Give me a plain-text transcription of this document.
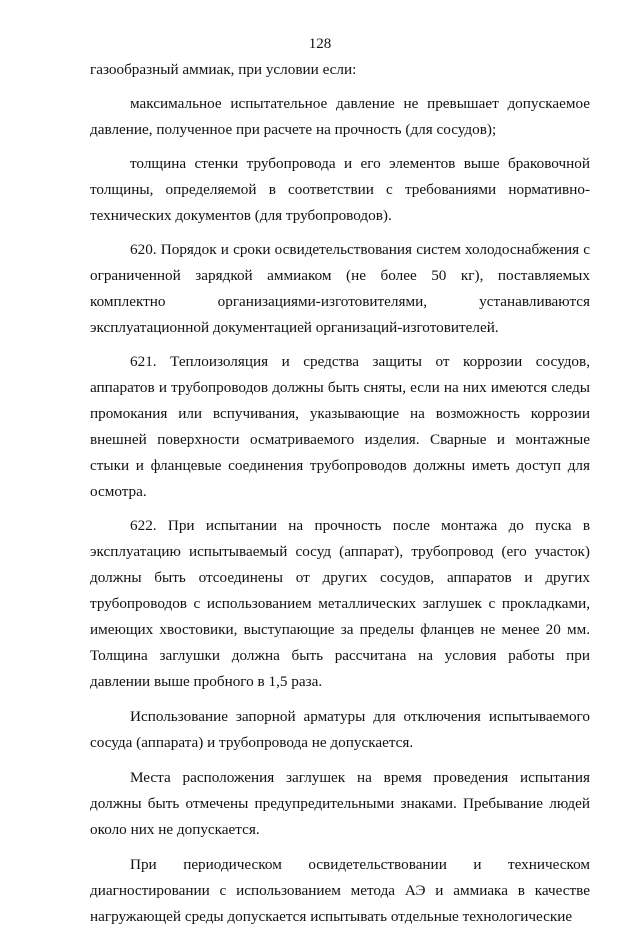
128

газообразный аммиак, при условии если:

максимальное испытательное давление не превышает допускаемое давление, полученное при расчете на прочность (для сосудов);

толщина стенки трубопровода и его элементов выше браковочной толщины, определяемой в соответствии с требованиями нормативно-технических документов (для трубопроводов).

620. Порядок и сроки освидетельствования систем холодоснабжения с ограниченной зарядкой аммиаком (не более 50 кг), поставляемых комплектно организациями-изготовителями, устанавливаются эксплуатационной документацией организаций-изготовителей.

621. Теплоизоляция и средства защиты от коррозии сосудов, аппаратов и трубопроводов должны быть сняты, если на них имеются следы промокания или вспучивания, указывающие на возможность коррозии внешней поверхности осматриваемого изделия. Сварные и монтажные стыки и фланцевые соединения трубопроводов должны иметь доступ для осмотра.

622. При испытании на прочность после монтажа до пуска в эксплуатацию испытываемый сосуд (аппарат), трубопровод (его участок) должны быть отсоединены от других сосудов, аппаратов и других трубопроводов с использованием металлических заглушек с прокладками, имеющих хвостовики, выступающие за пределы фланцев не менее 20 мм. Толщина заглушки должна быть рассчитана на условия работы при давлении выше пробного в 1,5 раза.

Использование запорной арматуры для отключения испытываемого сосуда (аппарата) и трубопровода не допускается.

Места расположения заглушек на время проведения испытания должны быть отмечены предупредительными знаками. Пребывание людей около них не допускается.

При периодическом освидетельствовании и техническом диагностировании с использованием метода АЭ и аммиака в качестве нагружающей среды допускается испытывать отдельные технологические
